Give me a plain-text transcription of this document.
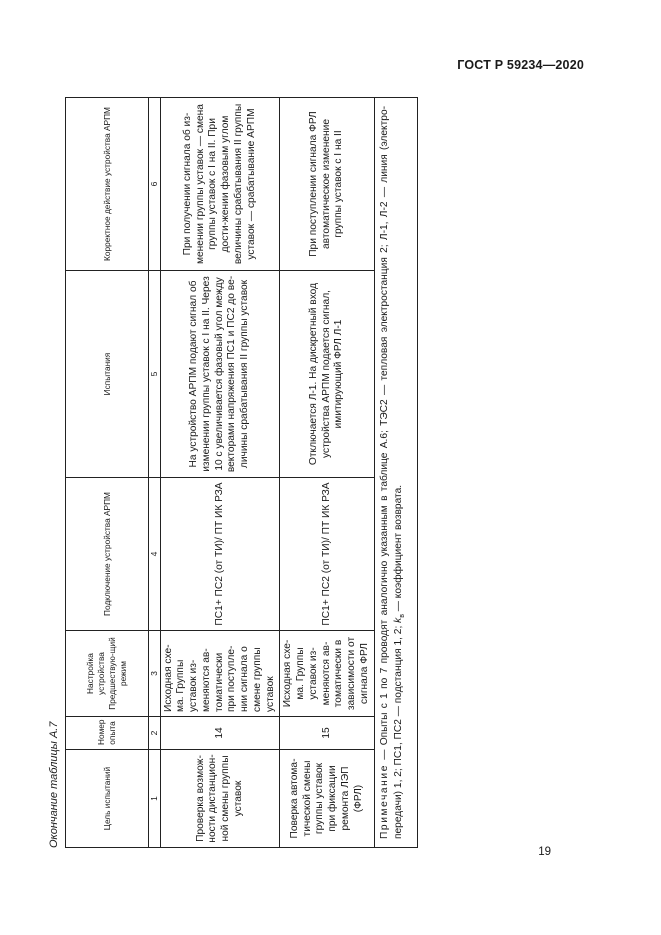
ГОСТ Р 59234—2020
Окончание таблицы А.7	Цель испытаний	Номер опыта	Настройка устройства Предшествую-щий режим	Подключение устройства АРПМ	Испытания	Корректное действие устройства АРПМ
1	2	3	4	5	6
Проверка возмож-ности дистанцион-ной смены группы уставок	14	Исходная схе-ма. Группы уставок из-меняются ав-томатически при поступле-нии сигнала о смене группы уставок	ПС1+ ПС2 (от ТИ)/ ПТ ИК РЗА	На устройство АРПМ подают сигнал об изменении группы уставок с I на II. Через 10 с увеличивается фазовый угол между векторами напряжения ПС1 и ПС2 до ве-личины срабатывания II группы уставок	При получении сигнала об из-менении группы уставок — смена группы уставок с I на II. При дости-жении фазовым углом величины срабатывания II группы уставок — срабатывание АРПМ
Поверка автома-тической смены группы уставок при фиксации ремонта ЛЭП (ФРЛ)	15	Исходная схе-ма. Группы уставок из-меняются ав-томатически в зависимости от сигнала ФРЛ	ПС1+ ПС2 (от ТИ)/ ПТ ИК РЗА	Отключается Л-1. На дискретный вход устройства АРПМ подается сигнал, имитирующий ФРЛ Л-1	При поступлении сигнала ФРЛ автоматическое изменение группы уставок с I на II
Примечание — Опыты с 1 по 7 проводят аналогично указанным в таблице А.6; ТЭС2 — тепловая электростанция 2; Л-1, Л-2 — линия (электро-передачи) 1, 2; ПС1, ПС2 — подстанция 1, 2; $k_в$ — коэффициент возврата.					
19
